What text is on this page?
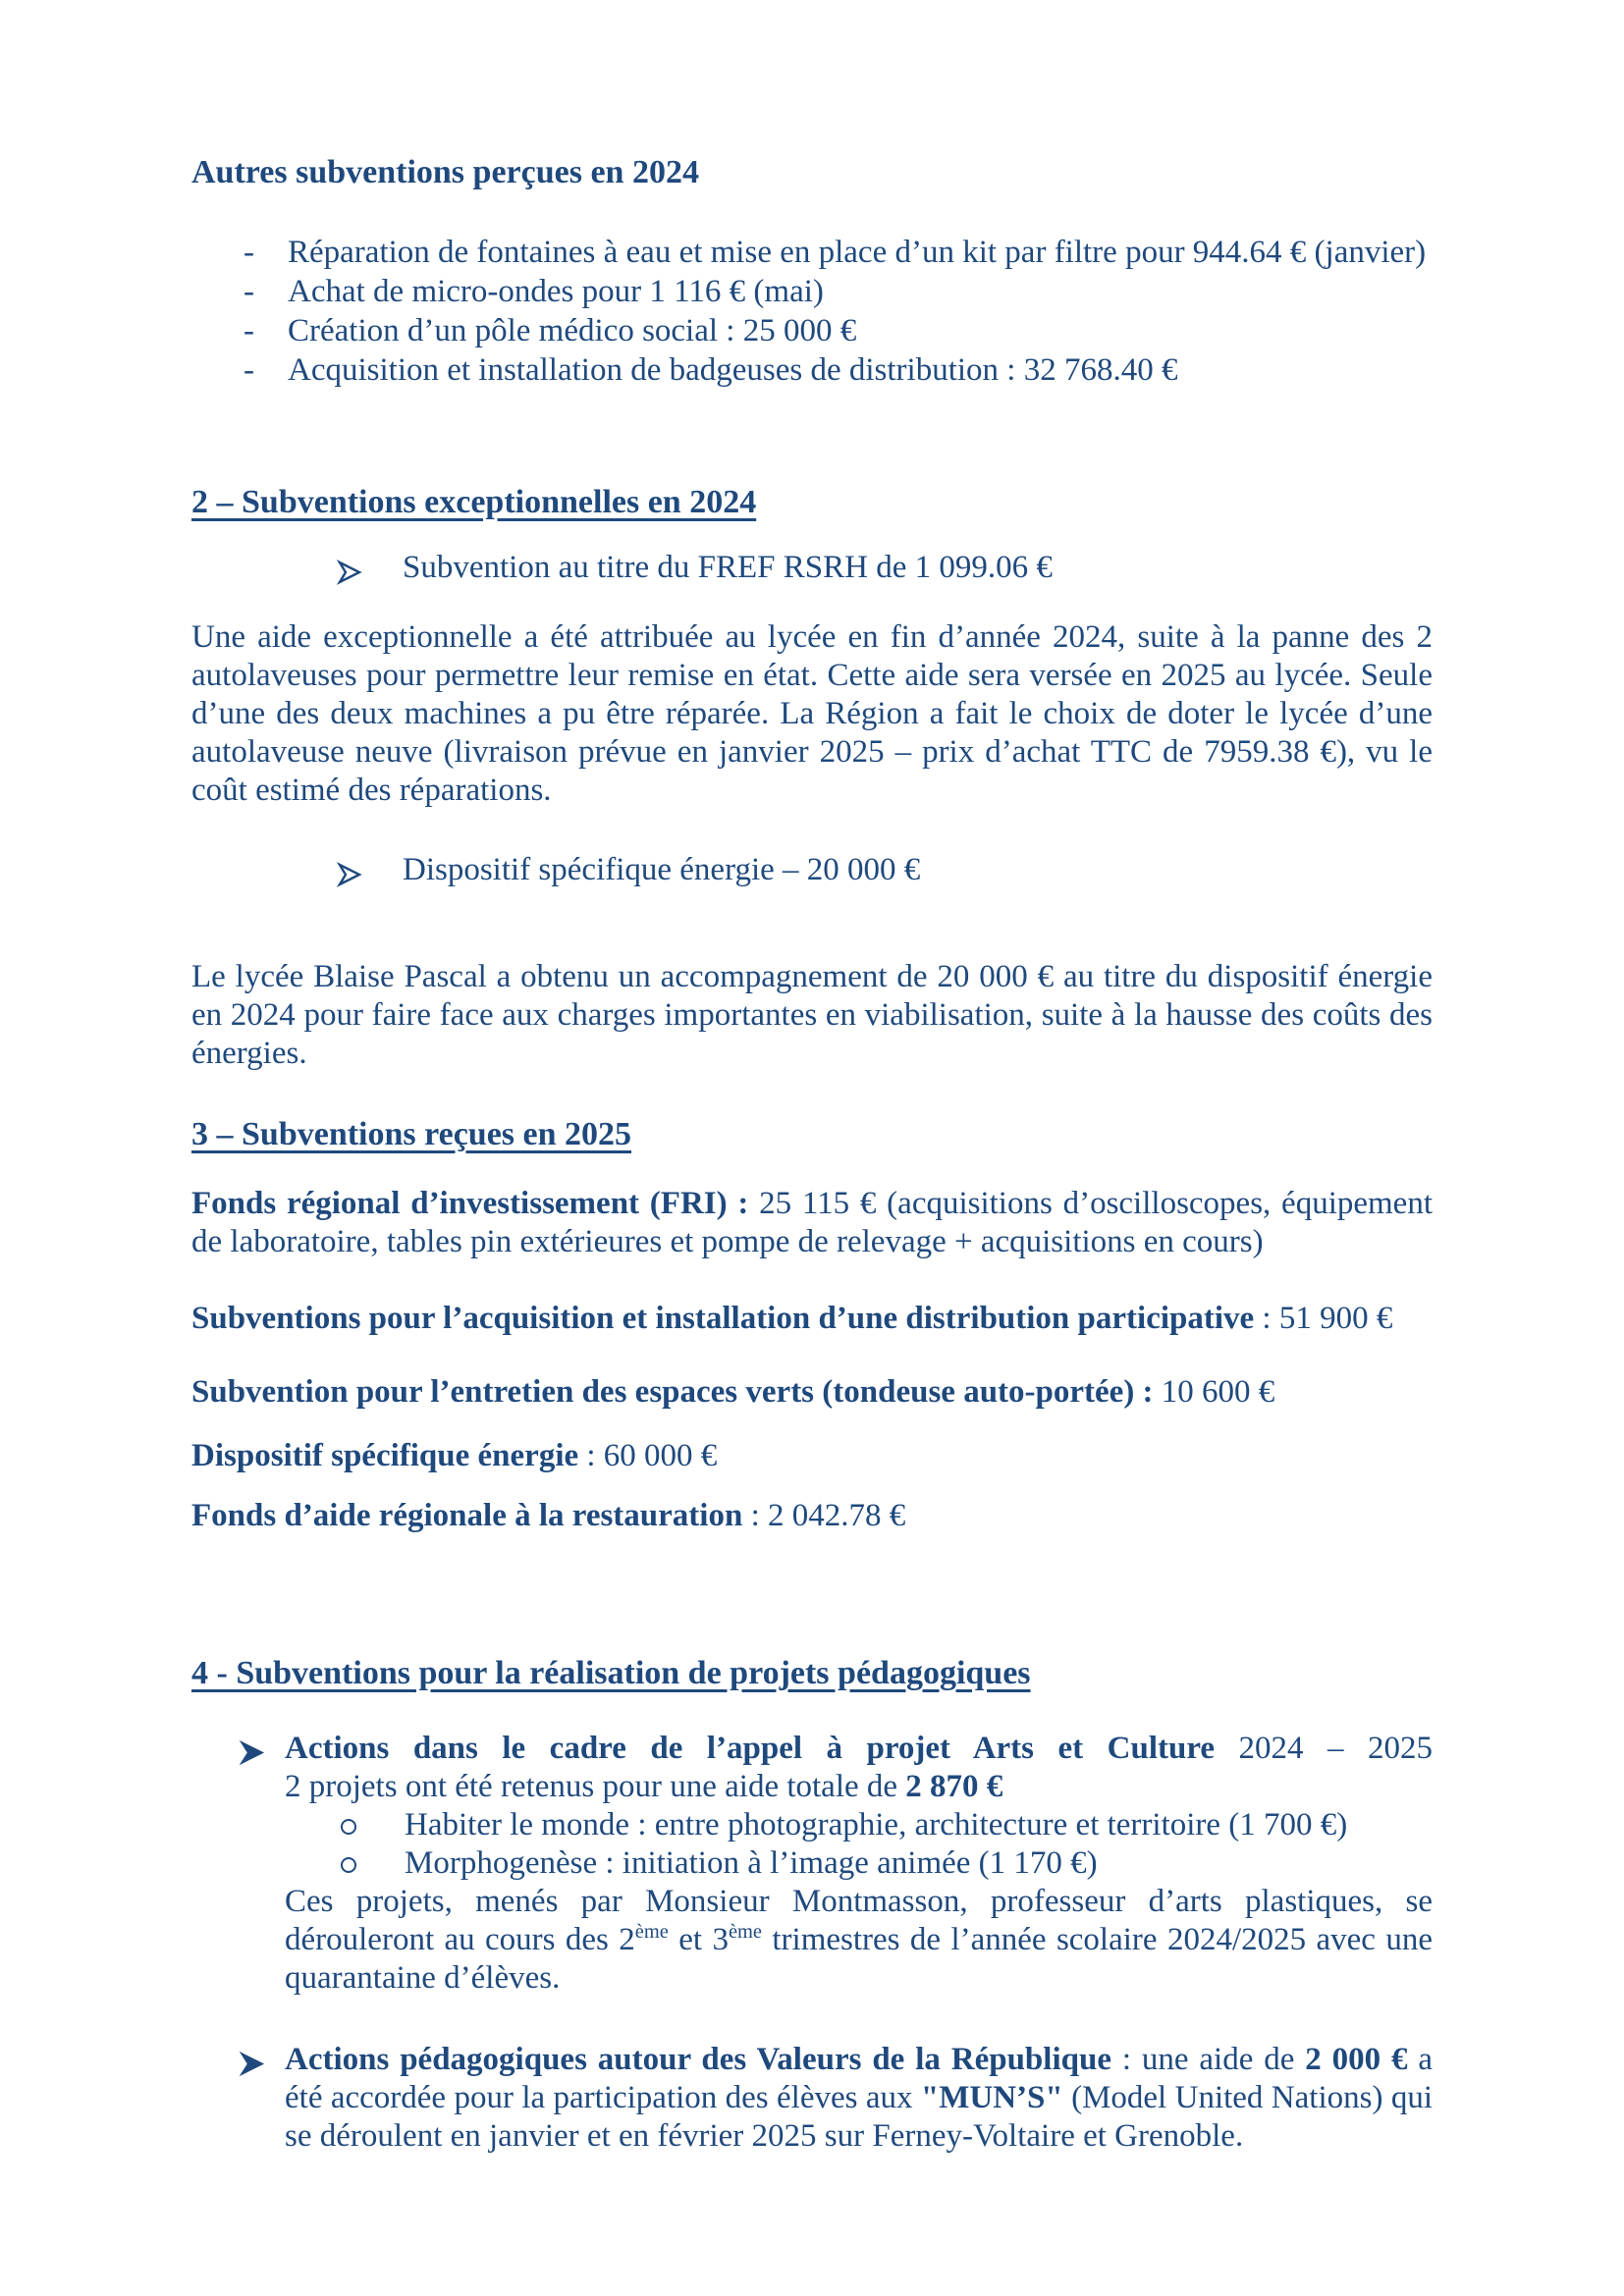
Autres subventions perçues en 2024
- Réparation de fontaines à eau et mise en place d’un kit par filtre pour 944.64 € (janvier)
- Achat de micro-ondes pour 1 116 € (mai)
- Création d’un pôle médico social : 25 000 €
- Acquisition et installation de badgeuses de distribution : 32 768.40 €
2 – Subventions exceptionnelles en 2024
Subvention au titre du FREF RSRH de 1 099.06 €

Une aide exceptionnelle a été attribuée au lycée en fin d’année 2024, suite à la panne des 2 autolaveuses pour permettre leur remise en état. Cette aide sera versée en 2025 au lycée. Seule d’une des deux machines a pu être réparée. La Région a fait le choix de doter le lycée d’une autolaveuse neuve (livraison prévue en janvier 2025 – prix d’achat TTC de 7959.38 €), vu le coût estimé des réparations.

Dispositif spécifique énergie – 20 000 €

Le lycée Blaise Pascal a obtenu un accompagnement de 20 000 € au titre du dispositif énergie en 2024 pour faire face aux charges importantes en viabilisation, suite à la hausse des coûts des énergies.

3 – Subventions reçues en 2025

Fonds régional d’investissement (FRI) : 25 115 € (acquisitions d’oscilloscopes, équipement de laboratoire, tables pin extérieures et pompe de relevage + acquisitions en cours)

Subventions pour l’acquisition et installation d’une distribution participative : 51 900 €

Subvention pour l’entretien des espaces verts (tondeuse auto-portée) : 10 600 €

Dispositif spécifique énergie : 60 000 €

Fonds d’aide régionale à la restauration : 2 042.78 €

4 - Subventions pour la réalisation de projets pédagogiques
Actions dans le cadre de l’appel à projet Arts et Culture 2024 – 2025
2 projets ont été retenus pour une aide totale de 2 870 €
Habiter le monde : entre photographie, architecture et territoire (1 700 €)
Morphogenèse : initiation à l’image animée (1 170 €)

Ces projets, menés par Monsieur Montmasson, professeur d’arts plastiques, se dérouleront au cours des 2ème et 3ème trimestres de l’année scolaire 2024/2025 avec une quarantaine d’élèves.

Actions pédagogiques autour des Valeurs de la République : une aide de 2 000 € a été accordée pour la participation des élèves aux "MUN’S" (Model United Nations) qui se déroulent en janvier et en février 2025 sur Ferney-Voltaire et Grenoble.
